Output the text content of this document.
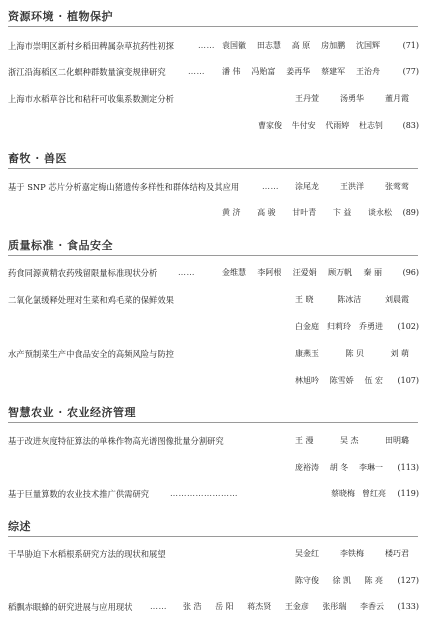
资源环境 · 植物保护
上海市崇明区新村乡稻田稗属杂草抗药性初探	…… 袁国徽 田志慧 高 原 房加鹏 沈国辉	(71)
浙江沿海稻区二化螟种群数量演变规律研究	…… 潘 伟 冯贻富 姜再华 蔡建军 王治舟	(77)
上海市水稻草谷比和秸秆可收集系数测定分析	王丹萱	汤勇华	董月霞
曹家俊 牛付安 代雨婷 杜志钊 (83)
畜牧 · 兽医
基于 SNP 芯片分析嘉定梅山猪遗传多样性和群体结构及其应用	…… 涂尾龙	王洪洋	张莺莺
黄 济 高 骏 甘叶青 卞 益 谈永松 (89)
质量标准 · 食品安全
药食同源黄精农药残留限量标准现状分析	……	金维慧 李阿根 汪爱娟 顾万帆 秦 丽	(96)
二氧化氯缓释处理对生菜和鸡毛菜的保鲜效果	王 晓	陈冰洁	刘晨霞
白金庭 归莉玲 乔勇进 (102)
水产预制菜生产中食品安全的高频风险与防控	康燕玉	陈 贝	刘 萌
林旭吟 陈雪娇 伍 宏 (107)
智慧农业 · 农业经济管理
基于改进灰度特征算法的单株作物高光谱图像批量分割研究	王 漫	吴 杰	田明璐
庞裕涛 胡 冬 李琳一 (113)
基于巨量算数的农业技术推广供需研究	……………………	蔡晓梅 曾红亮 (119)
综述
干旱胁迫下水稻根系研究方法的现状和展望	吴金红	李铁梅	楼巧君
陈守俊 徐 凯 陈 亮 (127)
稻飘赤眼蜂的研究进展与应用现状 …… 张 浩 岳 阳 蒋杰贤 王金彦 张彤瑞 李香云 (133)
